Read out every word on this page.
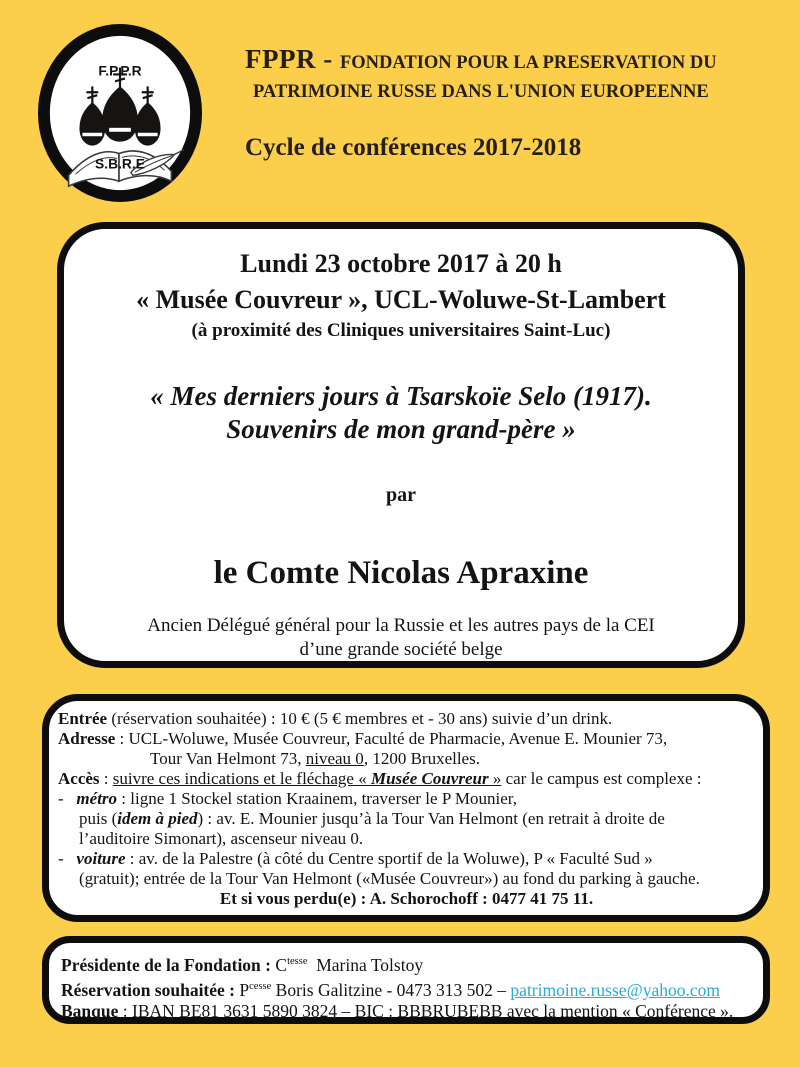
F.P.P.R
S.B.R.E
FPPR - FONDATION POUR LA PRESERVATION DU
PATRIMOINE RUSSE DANS L'UNION EUROPEENNE
Cycle de conférences 2017-2018
Lundi 23 octobre 2017 à 20 h
« Musée Couvreur », UCL-Woluwe-St-Lambert
(à proximité des Cliniques universitaires Saint-Luc)
« Mes derniers jours à Tsarskoïe Selo (1917).
Souvenirs de mon grand-père »
par
le Comte Nicolas Apraxine
Ancien Délégué général pour la Russie et les autres pays de la CEI
d’une grande société belge
Entrée (réservation souhaitée) : 10 € (5 € membres et - 30 ans) suivie d’un drink.
Adresse : UCL-Woluwe, Musée Couvreur, Faculté de Pharmacie, Avenue E. Mounier 73,
Tour Van Helmont 73, niveau 0, 1200 Bruxelles.
Accès : suivre ces indications et le fléchage « Musée Couvreur » car le campus est complexe :
-   métro : ligne 1 Stockel station Kraainem, traverser le P Mounier,
puis (idem à pied) : av. E. Mounier jusqu’à la Tour Van Helmont (en retrait à droite de
l’auditoire Simonart), ascenseur niveau 0.
-   voiture : av. de la Palestre (à côté du Centre sportif de la Woluwe), P « Faculté Sud »
(gratuit); entrée de la Tour Van Helmont («Musée Couvreur») au fond du parking à gauche.
Et si vous perdu(e) : A. Schorochoff : 0477 41 75 11.
Présidente de la Fondation : $C^{tesse}$  Marina Tolstoy
Réservation souhaitée : $P^{cesse}$ Boris Galitzine - 0473 313 502 – patrimoine.russe@yahoo.com
Banque : IBAN BE81 3631 5890 3824 – BIC : BBBRUBEBB avec la mention « Conférence ».
